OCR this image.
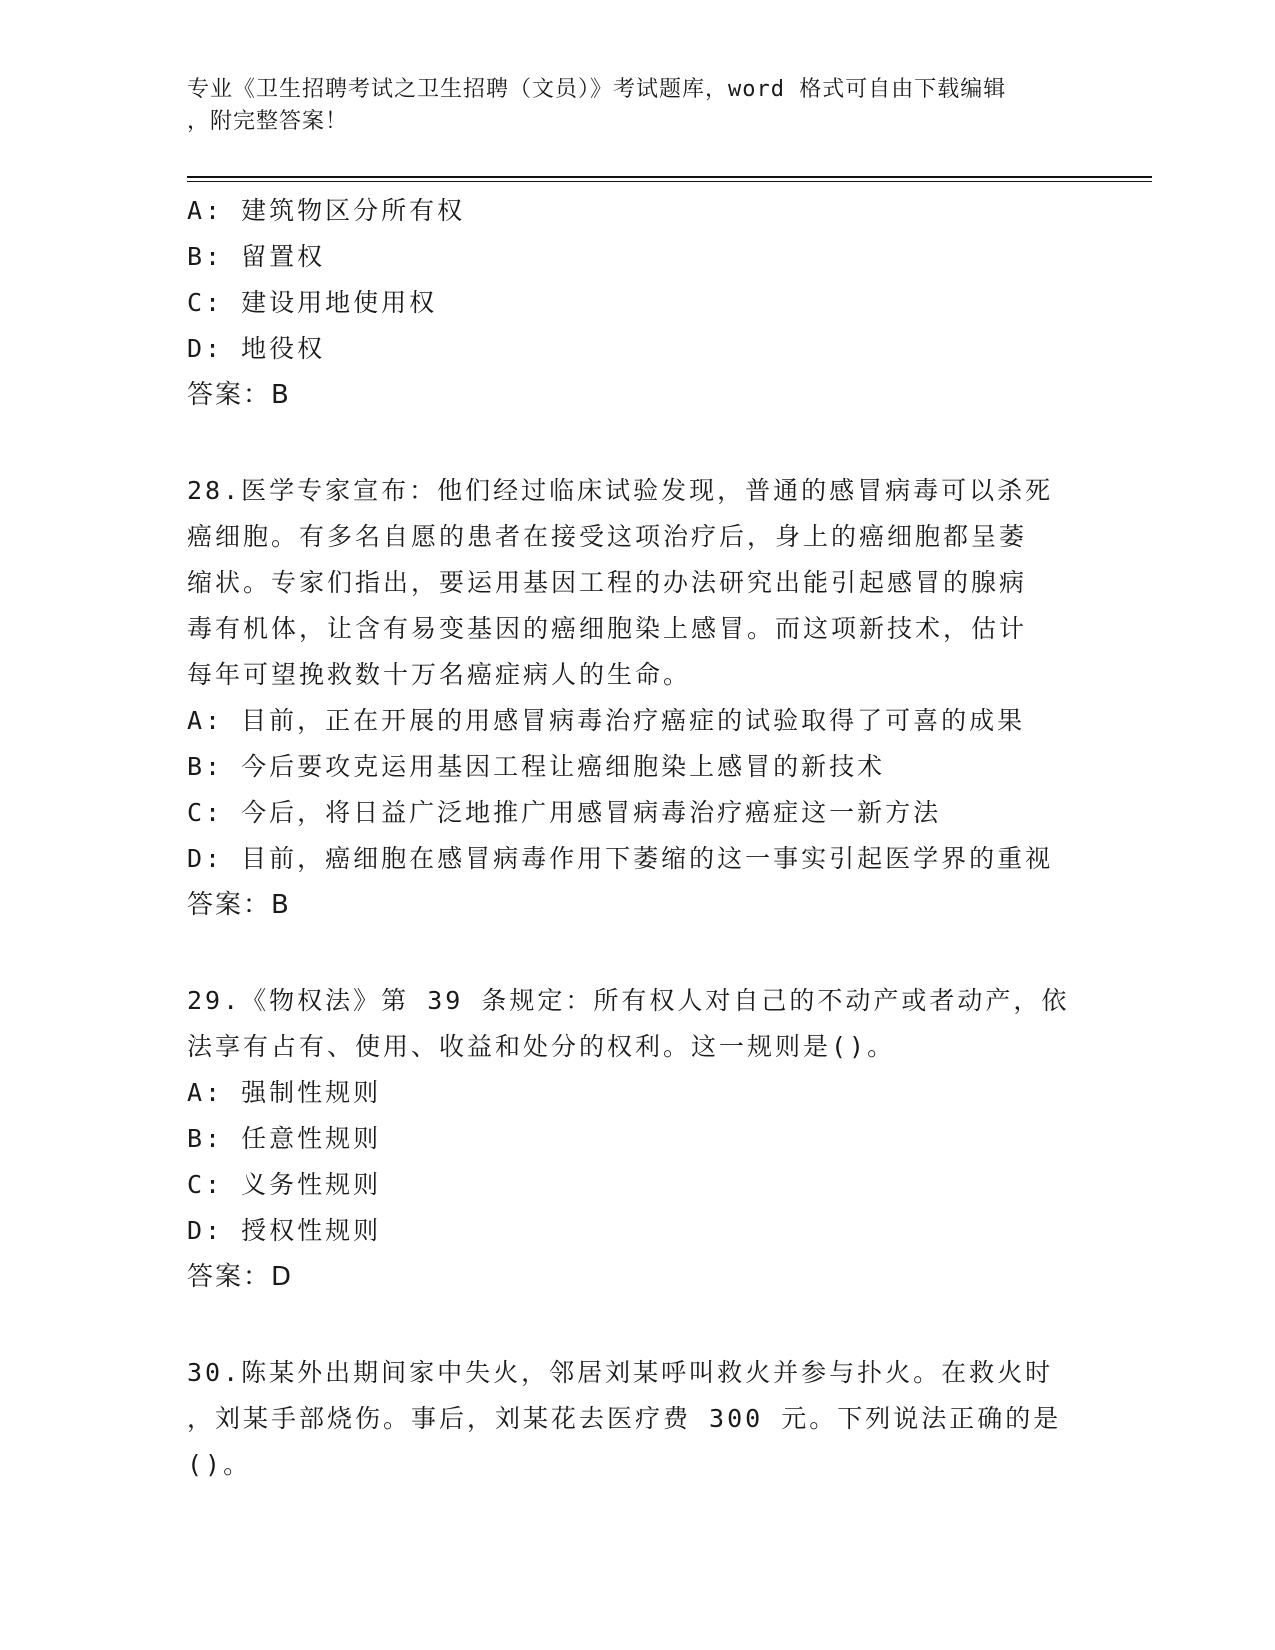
专业《卫生招聘考试之卫生招聘（文员）》考试题库，word 格式可自由下载编辑
，附完整答案！
A: 建筑物区分所有权
B: 留置权
C: 建设用地使用权
D: 地役权
答案：B
28.医学专家宣布：他们经过临床试验发现，普通的感冒病毒可以杀死
癌细胞。有多名自愿的患者在接受这项治疗后，身上的癌细胞都呈萎
缩状。专家们指出，要运用基因工程的办法研究出能引起感冒的腺病
毒有机体，让含有易变基因的癌细胞染上感冒。而这项新技术，估计
每年可望挽救数十万名癌症病人的生命。
A: 目前，正在开展的用感冒病毒治疗癌症的试验取得了可喜的成果
B: 今后要攻克运用基因工程让癌细胞染上感冒的新技术
C: 今后，将日益广泛地推广用感冒病毒治疗癌症这一新方法
D: 目前，癌细胞在感冒病毒作用下萎缩的这一事实引起医学界的重视
答案：B
29.《物权法》第 39 条规定：所有权人对自己的不动产或者动产，依
法享有占有、使用、收益和处分的权利。这一规则是()。
A: 强制性规则
B: 任意性规则
C: 义务性规则
D: 授权性规则
答案：D
30.陈某外出期间家中失火，邻居刘某呼叫救火并参与扑火。在救火时
，刘某手部烧伤。事后，刘某花去医疗费 300 元。下列说法正确的是
()。
